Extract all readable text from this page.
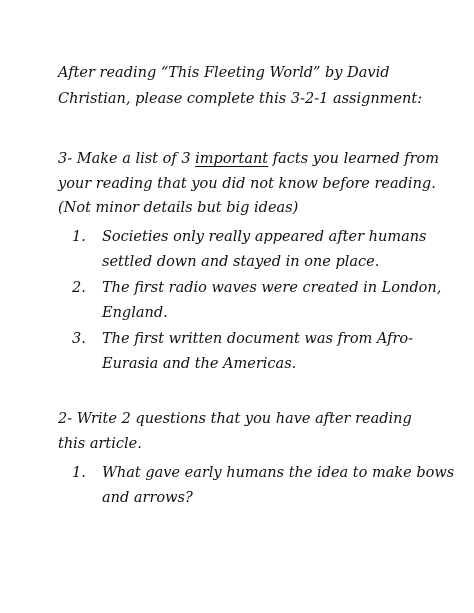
After reading “This Fleeting World” by David
Christian, please complete this 3-2-1 assignment:
3- Make a list of 3 important facts you learned from
your reading that you did not know before reading.
(Not minor details but big ideas)
1. Societies only really appeared after humans
settled down and stayed in one place.
2. The first radio waves were created in London,
England.
3. The first written document was from Afro-
Eurasia and the Americas.
2- Write 2 questions that you have after reading
this article.
1. What gave early humans the idea to make bows
and arrows?
